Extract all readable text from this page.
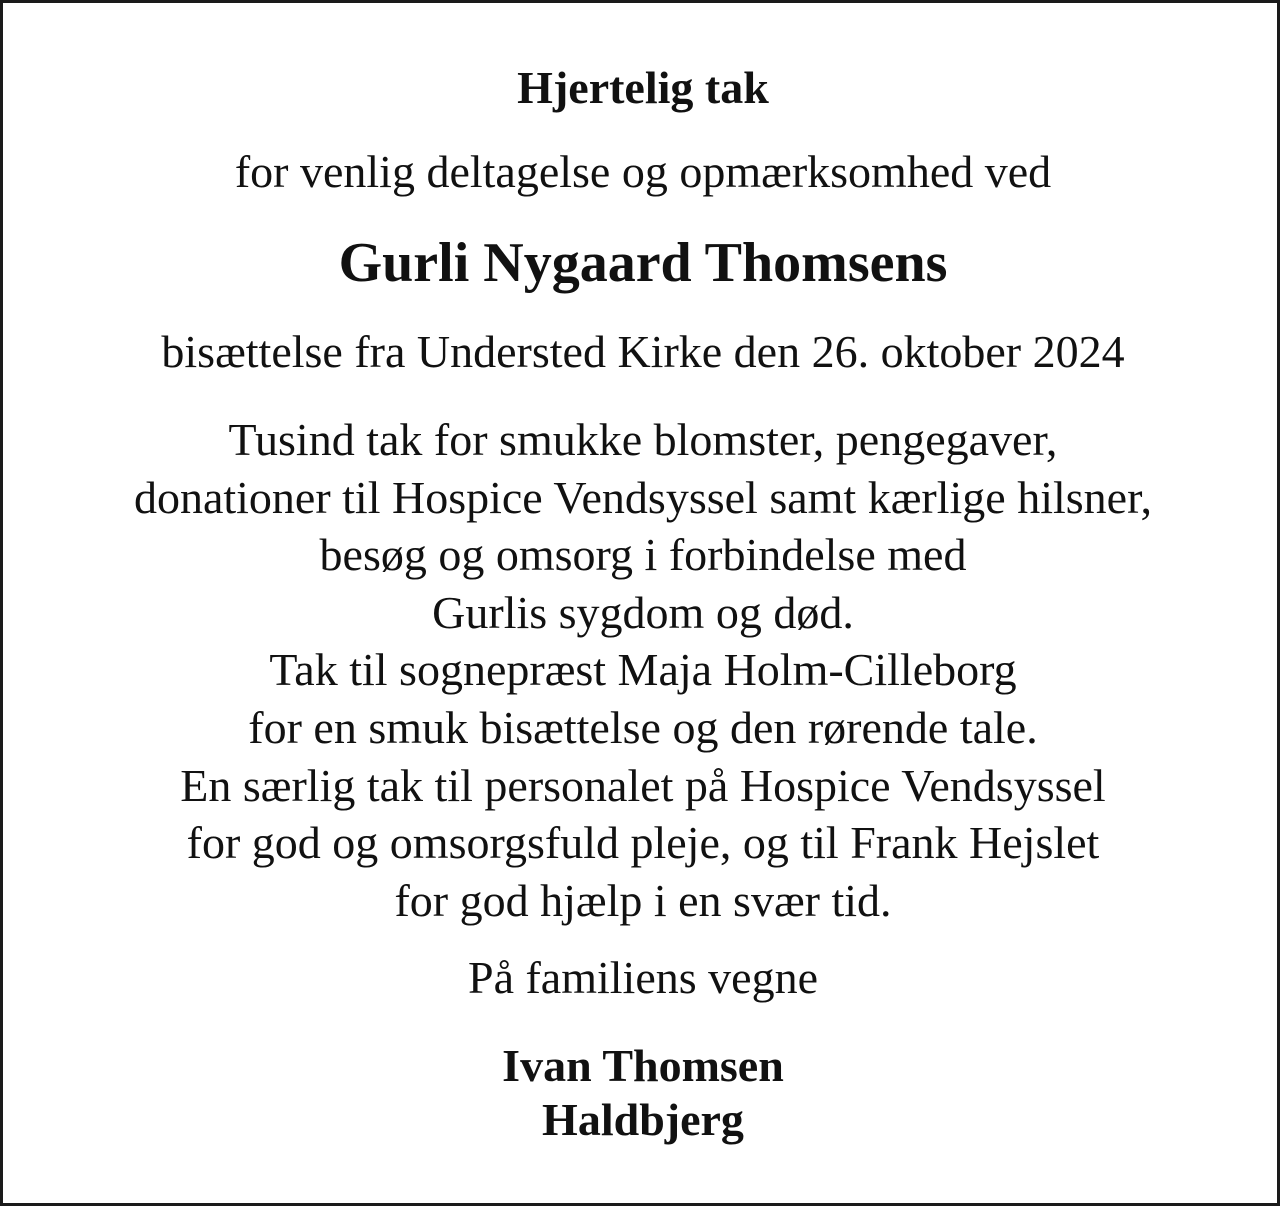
Hjertelig tak
for venlig deltagelse og opmærksomhed ved
Gurli Nygaard Thomsens
bisættelse fra Understed Kirke den 26. oktober 2024
Tusind tak for smukke blomster, pengegaver,
donationer til Hospice Vendsyssel samt kærlige hilsner,
besøg og omsorg i forbindelse med
Gurlis sygdom og død.
Tak til sognepræst Maja Holm-Cilleborg
for en smuk bisættelse og den rørende tale.
En særlig tak til personalet på Hospice Vendsyssel
for god og omsorgsfuld pleje, og til Frank Hejslet
for god hjælp i en svær tid.
På familiens vegne
Ivan Thomsen
Haldbjerg
